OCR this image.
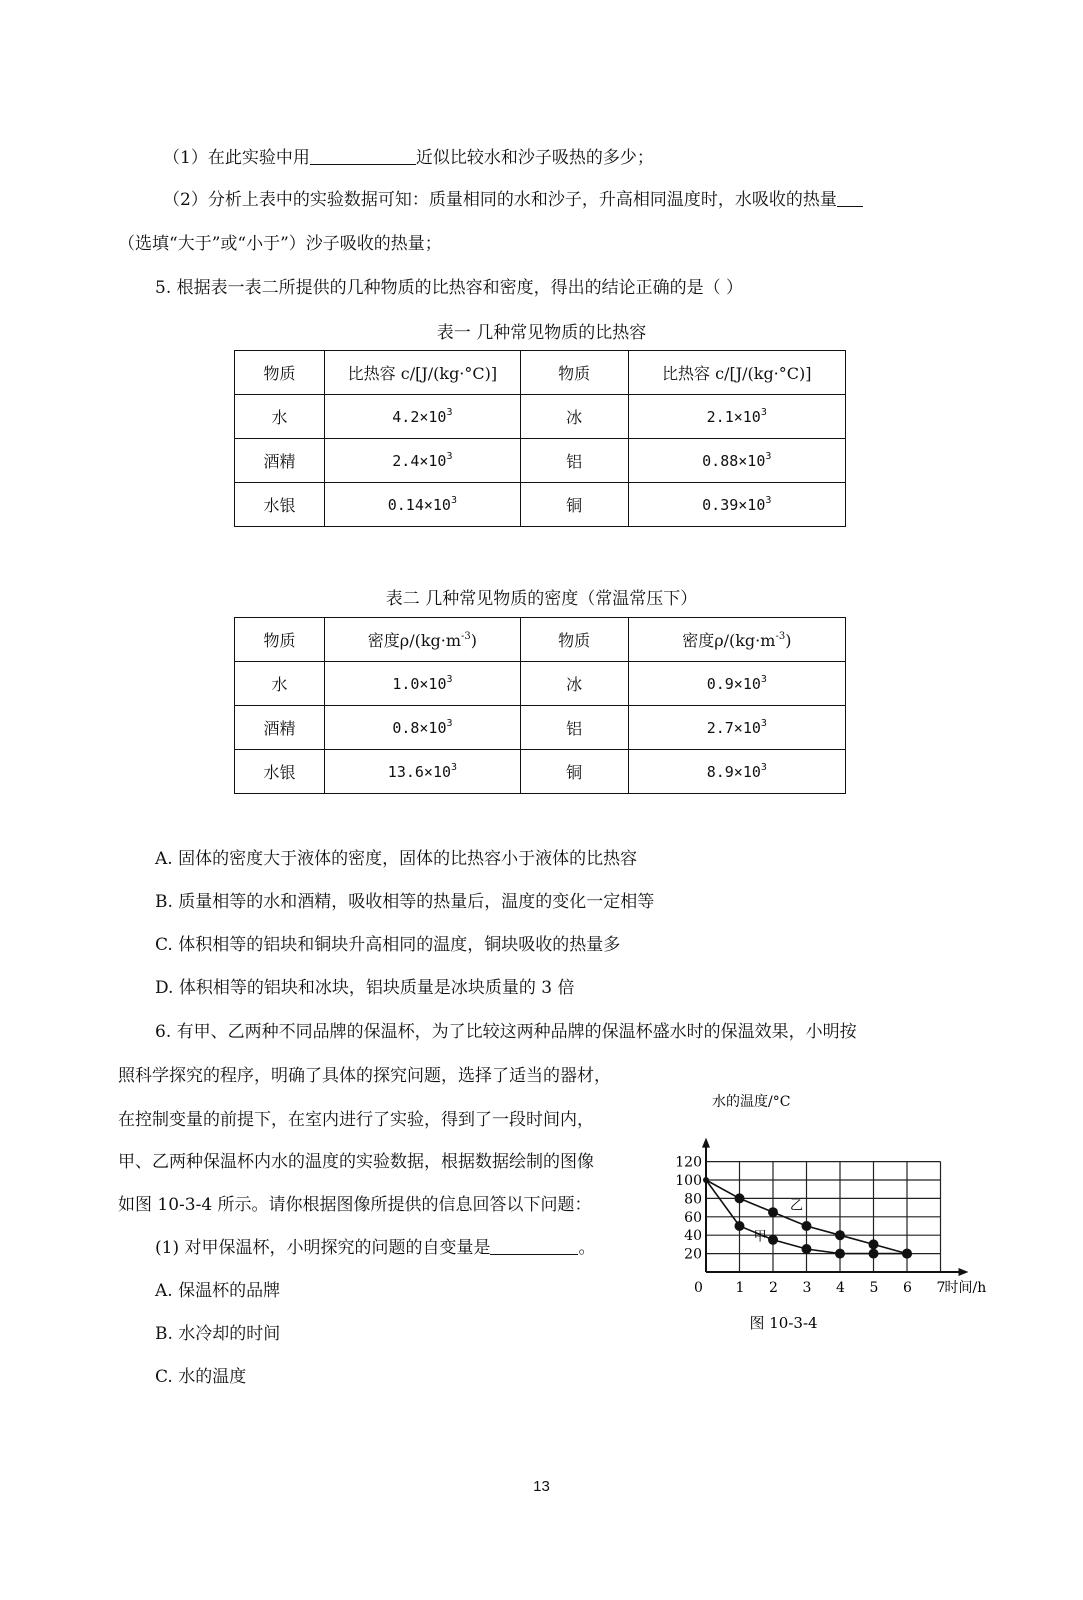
（1）在此实验中用	近似比较水和沙子吸热的多少；
（2）分析上表中的实验数据可知：质量相同的水和沙子，升高相同温度时，水吸收的热量
（选填“大于”或“小于”）沙子吸收的热量；
5. 根据表一表二所提供的几种物质的比热容和密度，得出的结论正确的是（ ）
表一 几种常见物质的比热容
物质	比热容 c/[J/(kg·°C)]	物质	比热容 c/[J/(kg·°C)]
水	$4.2\times 10^3$	冰	$2.1\times 10^3$
酒精	$2.4\times 10^3$	铝	$0.88\times 10^3$
水银	$0.14\times 10^3$	铜	$0.39\times 10^3$
表二 几种常见物质的密度（常温常压下）
物质	密度$\rho/(kg\cdot m^{-3})$	物质	密度$\rho/(kg\cdot m^{-3})$
水	$1.0\times 10^3$	冰	$0.9\times 10^3$
酒精	$0.8\times 10^3$	铝	$2.7\times 10^3$
水银	$13.6\times 10^3$	铜	$8.9\times 10^3$
A. 固体的密度大于液体的密度，固体的比热容小于液体的比热容
B. 质量相等的水和酒精，吸收相等的热量后，温度的变化一定相等
C. 体积相等的铝块和铜块升高相同的温度，铜块吸收的热量多
D. 体积相等的铝块和冰块，铝块质量是冰块质量的 3 倍
6. 有甲、乙两种不同品牌的保温杯，为了比较这两种品牌的保温杯盛水时的保温效果，小明按
照科学探究的程序，明确了具体的探究问题，选择了适当的器材，
在控制变量的前提下，在室内进行了实验，得到了一段时间内，
甲、乙两种保温杯内水的温度的实验数据，根据数据绘制的图像
如图 10-3-4 所示。请你根据图像所提供的信息回答以下问题：
(1) 对甲保温杯，小明探究的问题的自变量是	。
A. 保温杯的品牌
B. 水冷却的时间
C. 水的温度
0 1 2 3 4 5 6 7
20
40
60
80
100
120
时间/h
水的温度/°C
乙
甲
图 10-3-4
13
